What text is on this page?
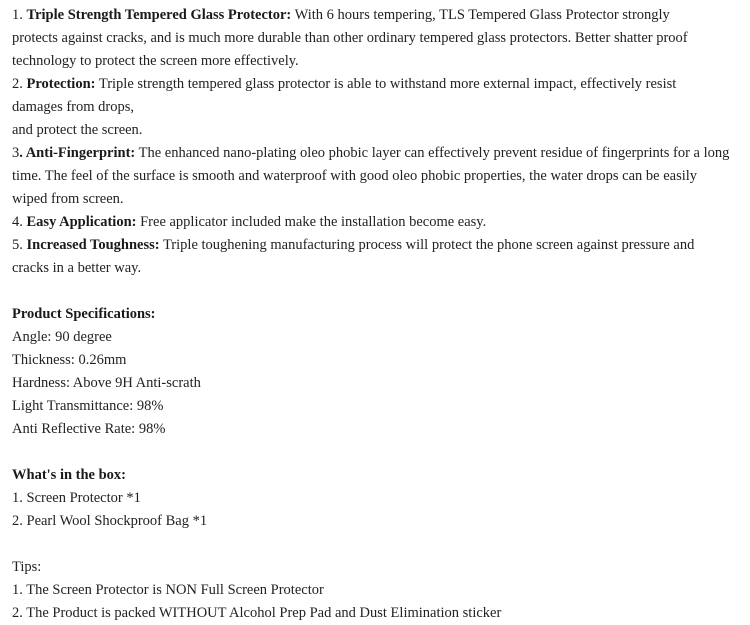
1. Triple Strength Tempered Glass Protector: With 6 hours tempering, TLS Tempered Glass Protector strongly

protects against cracks, and is much more durable than other ordinary tempered glass protectors. Better shatter proof

technology to protect the screen more effectively.

2. Protection: Triple strength tempered glass protector is able to withstand more external impact, effectively resist

damages from drops,

and protect the screen.

3. Anti-Fingerprint: The enhanced nano-plating oleo phobic layer can effectively prevent residue of fingerprints for a long

time. The feel of the surface is smooth and waterproof with good oleo phobic properties, the water drops can be easily

wiped from screen.

4. Easy Application: Free applicator included make the installation become easy.

5. Increased Toughness: Triple toughening manufacturing process will protect the phone screen against pressure and

cracks in a better way.

Product Specifications:

Angle: 90 degree

Thickness: 0.26mm

Hardness: Above 9H Anti-scrath

Light Transmittance: 98%

Anti Reflective Rate: 98%

What's in the box:

1. Screen Protector *1

2. Pearl Wool Shockproof Bag *1

Tips:

1. The Screen Protector is NON Full Screen Protector

2. The Product is packed WITHOUT Alcohol Prep Pad and Dust Elimination sticker
